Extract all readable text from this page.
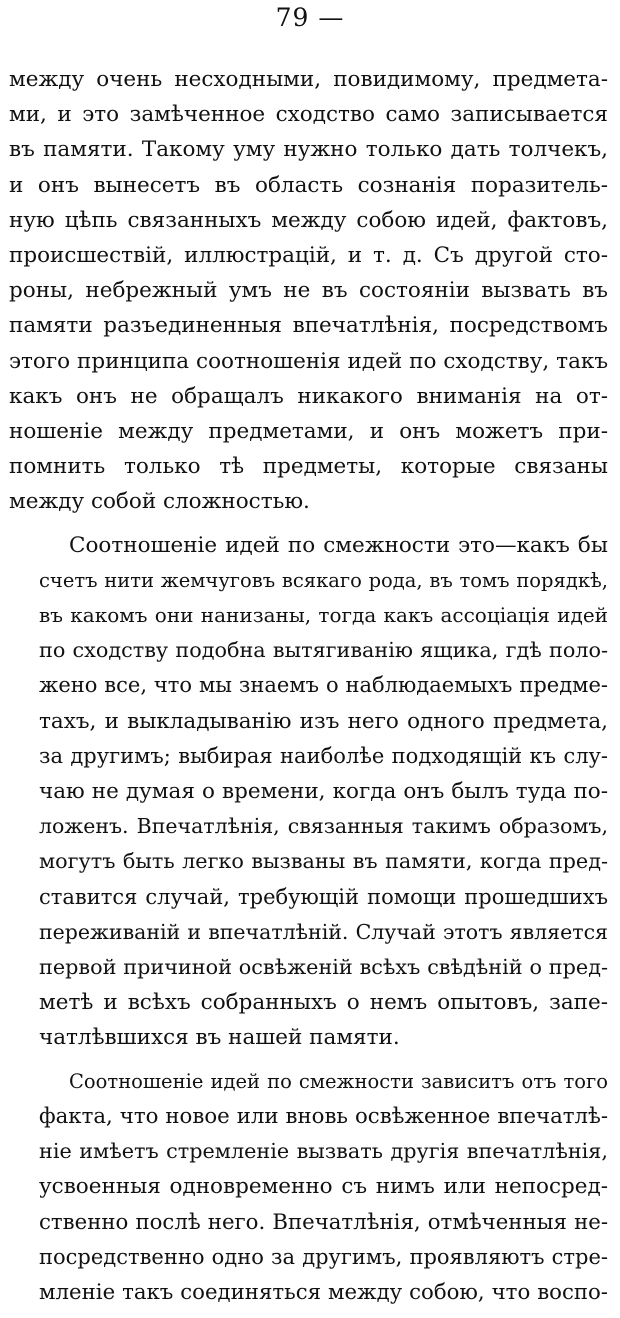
79 —

между очень несходными, повидимому, предмета-
ми, и это замѣченное сходство само записывается
въ памяти. Такому уму нужно только дать толчекъ,
и онъ вынесетъ въ область сознанія поразитель-
ную цѣпь связанныхъ между собою идей, фактовъ,
происшествій, иллюстрацій, и т. д. Съ другой сто-
роны, небрежный умъ не въ состояніи вызвать въ
памяти разъединенныя впечатлѣнія, посредствомъ
этого принципа соотношенія идей по сходству, такъ
какъ онъ не обращалъ никакого вниманія на от-
ношеніе между предметами, и онъ можетъ при-
помнить только тѣ предметы, которые связаны
между собой сложностью.

Соотношеніе идей по смежности это—какъ бы
счетъ нити жемчуговъ всякаго рода, въ томъ порядкѣ,
въ какомъ они нанизаны, тогда какъ ассоціація идей
по сходству подобна вытягиванію ящика, гдѣ поло-
жено все, что мы знаемъ о наблюдаемыхъ предме-
тахъ, и выкладыванію изъ него одного предмета,
за другимъ; выбирая наиболѣе подходящій къ слу-
чаю не думая о времени, когда онъ былъ туда по-
ложенъ. Впечатлѣнія, связанныя такимъ образомъ,
могутъ быть легко вызваны въ памяти, когда пред-
ставится случай, требующій помощи прошедшихъ
переживаній и впечатлѣній. Случай этотъ является
первой причиной освѣженій всѣхъ свѣдѣній о пред-
метѣ и всѣхъ собранныхъ о немъ опытовъ, запе-
чатлѣвшихся въ нашей памяти.

Соотношеніе идей по смежности зависитъ отъ того
факта, что новое или вновь освѣженное впечатлѣ-
ніе имѣетъ стремленіе вызвать другія впечатлѣнія,
усвоенныя одновременно съ нимъ или непосред-
ственно послѣ него. Впечатлѣнія, отмѣченныя не-
посредственно одно за другимъ, проявляютъ стре-
мленіе такъ соединяться между собою, что воспо-
